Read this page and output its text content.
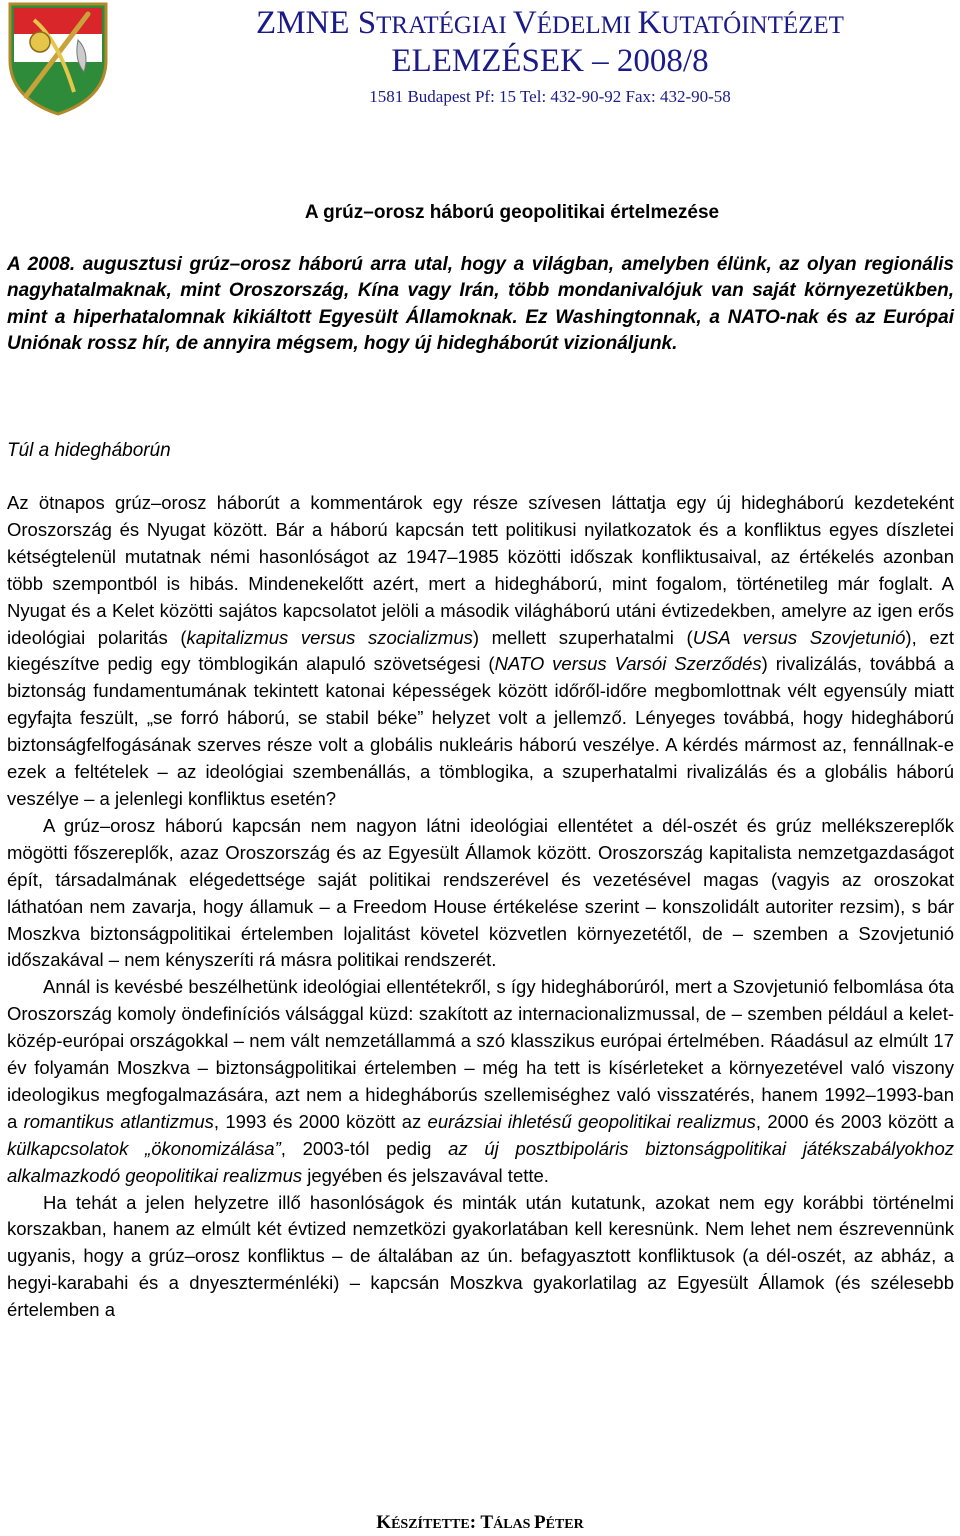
ZMNE STRATÉGIAI VÉDELMI KUTATÓINTÉZET
ELEMZÉSEK – 2008/8
1581 Budapest Pf: 15 Tel: 432-90-92 Fax: 432-90-58
A grúz–orosz háború geopolitikai értelmezése

A 2008. augusztusi grúz–orosz háború arra utal, hogy a világban, amelyben élünk, az olyan regionális nagyhatalmaknak, mint Oroszország, Kína vagy Irán, több mondanivalójuk van saját környezetükben, mint a hiperhatalomnak kikiáltott Egyesült Államoknak. Ez Washingtonnak, a NATO-nak és az Európai Uniónak rossz hír, de annyira mégsem, hogy új hidegháborút vizionáljunk.

Túl a hidegháborún

Az ötnapos grúz–orosz háborút a kommentárok egy része szívesen láttatja egy új hidegháború kezdeteként Oroszország és Nyugat között. Bár a háború kapcsán tett politikusi nyilatkozatok és a konfliktus egyes díszletei kétségtelenül mutatnak némi hasonlóságot az 1947–1985 közötti időszak konfliktusaival, az értékelés azonban több szempontból is hibás. Mindenekelőtt azért, mert a hidegháború, mint fogalom, történetileg már foglalt. A Nyugat és a Kelet közötti sajátos kapcsolatot jelöli a második világháború utáni évtizedekben, amelyre az igen erős ideológiai polaritás (kapitalizmus versus szocializmus) mellett szuperhatalmi (USA versus Szovjetunió), ezt kiegészítve pedig egy tömblogikán alapuló szövetségesi (NATO versus Varsói Szerződés) rivalizálás, továbbá a biztonság fundamentumának tekintett katonai képességek között időről-időre megbomlottnak vélt egyensúly miatt egyfajta feszült, „se forró háború, se stabil béke” helyzet volt a jellemző. Lényeges továbbá, hogy hidegháború biztonságfelfogásának szerves része volt a globális nukleáris háború veszélye. A kérdés mármost az, fennállnak-e ezek a feltételek – az ideológiai szembenállás, a tömblogika, a szuperhatalmi rivalizálás és a globális háború veszélye – a jelenlegi konfliktus esetén?

A grúz–orosz háború kapcsán nem nagyon látni ideológiai ellentétet a dél-oszét és grúz mellékszereplők mögötti főszereplők, azaz Oroszország és az Egyesült Államok között. Oroszország kapitalista nemzetgazdaságot épít, társadalmának elégedettsége saját politikai rendszerével és vezetésével magas (vagyis az oroszokat láthatóan nem zavarja, hogy államuk – a Freedom House értékelése szerint – konszolidált autoriter rezsim), s bár Moszkva biztonságpolitikai értelemben lojalitást követel közvetlen környezetétől, de – szemben a Szovjetunió időszakával – nem kényszeríti rá másra politikai rendszerét.

Annál is kevésbé beszélhetünk ideológiai ellentétekről, s így hidegháborúról, mert a Szovjetunió felbomlása óta Oroszország komoly öndefiníciós válsággal küzd: szakított az internacionalizmussal, de – szemben például a kelet-közép-európai országokkal – nem vált nemzetállammá a szó klasszikus európai értelmében. Ráadásul az elmúlt 17 év folyamán Moszkva – biztonságpolitikai értelemben – még ha tett is kísérleteket a környezetével való viszony ideologikus megfogalmazására, azt nem a hidegháborús szellemiséghez való visszatérés, hanem 1992–1993-ban a romantikus atlantizmus, 1993 és 2000 között az eurázsiai ihletésű geopolitikai realizmus, 2000 és 2003 között a külkapcsolatok „ökonomizálása”, 2003-tól pedig az új posztbipoláris biztonságpolitikai játékszabályokhoz alkalmazkodó geopolitikai realizmus jegyében és jelszavával tette.

Ha tehát a jelen helyzetre illő hasonlóságok és minták után kutatunk, azokat nem egy korábbi történelmi korszakban, hanem az elmúlt két évtized nemzetközi gyakorlatában kell keresnünk. Nem lehet nem észrevennünk ugyanis, hogy a grúz–orosz konfliktus – de általában az ún. befagyasztott konfliktusok (a dél-oszét, az abház, a hegyi-karabahi és a dnyeszterménléki) – kapcsán Moszkva gyakorlatilag az Egyesült Államok (és szélesebb értelemben a

KÉSZÍTETTE: TÁLAS PÉTER
